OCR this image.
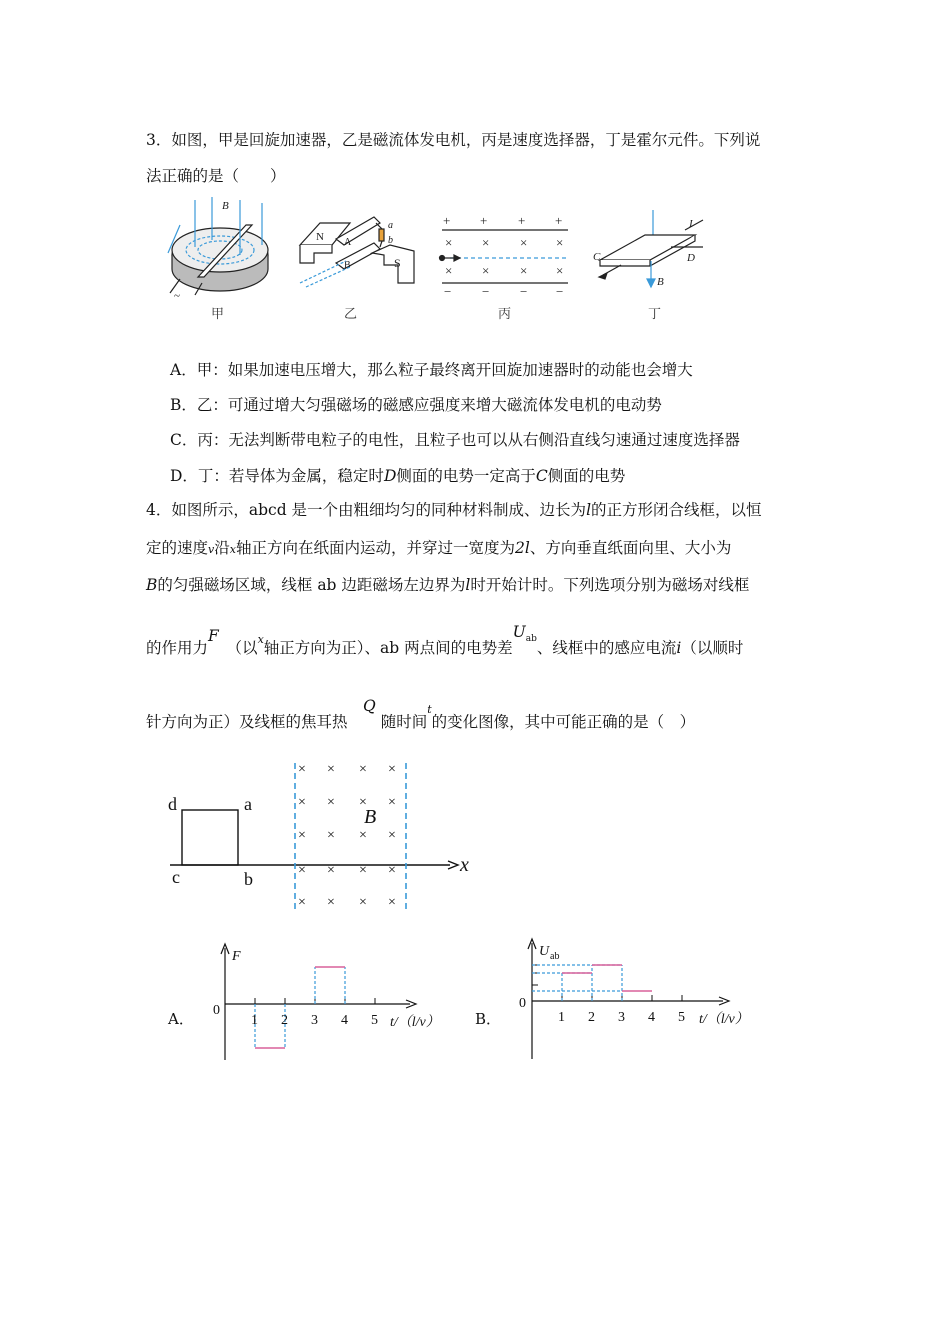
3．如图，甲是回旋加速器，乙是磁流体发电机，丙是速度选择器，丁是霍尔元件。下列说
法正确的是（　　）
B
~
N A
B	S
a
b
+ + + +
× × × ×
× × × ×
− − − −
I
C	D
B
甲	乙	丙	丁
A．甲：如果加速电压增大，那么粒子最终离开回旋加速器时的动能也会增大
B．乙：可通过增大匀强磁场的磁感应强度来增大磁流体发电机的电动势
C．丙：无法判断带电粒子的电性，且粒子也可以从右侧沿直线匀速通过速度选择器
D．丁：若导体为金属，稳定时D侧面的电势一定高于C侧面的电势
4．如图所示，abcd 是一个由粗细均匀的同种材料制成、边长为l的正方形闭合线框，以恒
定的速度v沿x轴正方向在纸面内运动，并穿过一宽度为2l、方向垂直纸面向里、大小为
B的匀强磁场区域，线框 ab 边距磁场左边界为l时开始计时。下列选项分别为磁场对线框
的作用力F　（以$^x$轴正方向为正）、ab 两点间的电势差$U^{ab}$、线框中的感应电流i（以顺时
针方向为正）及线框的焦耳热　Q 随时间$^t$的变化图像，其中可能正确的是（　）
× × × ×
× × × ×
× × × ×
× × × ×
× × × ×
d	a
c	b
B
x
A．
F
0
1 2 3 4 5 t/（l/v） B．
U ab
0
1 2 3 4 5 t/（l/v）
